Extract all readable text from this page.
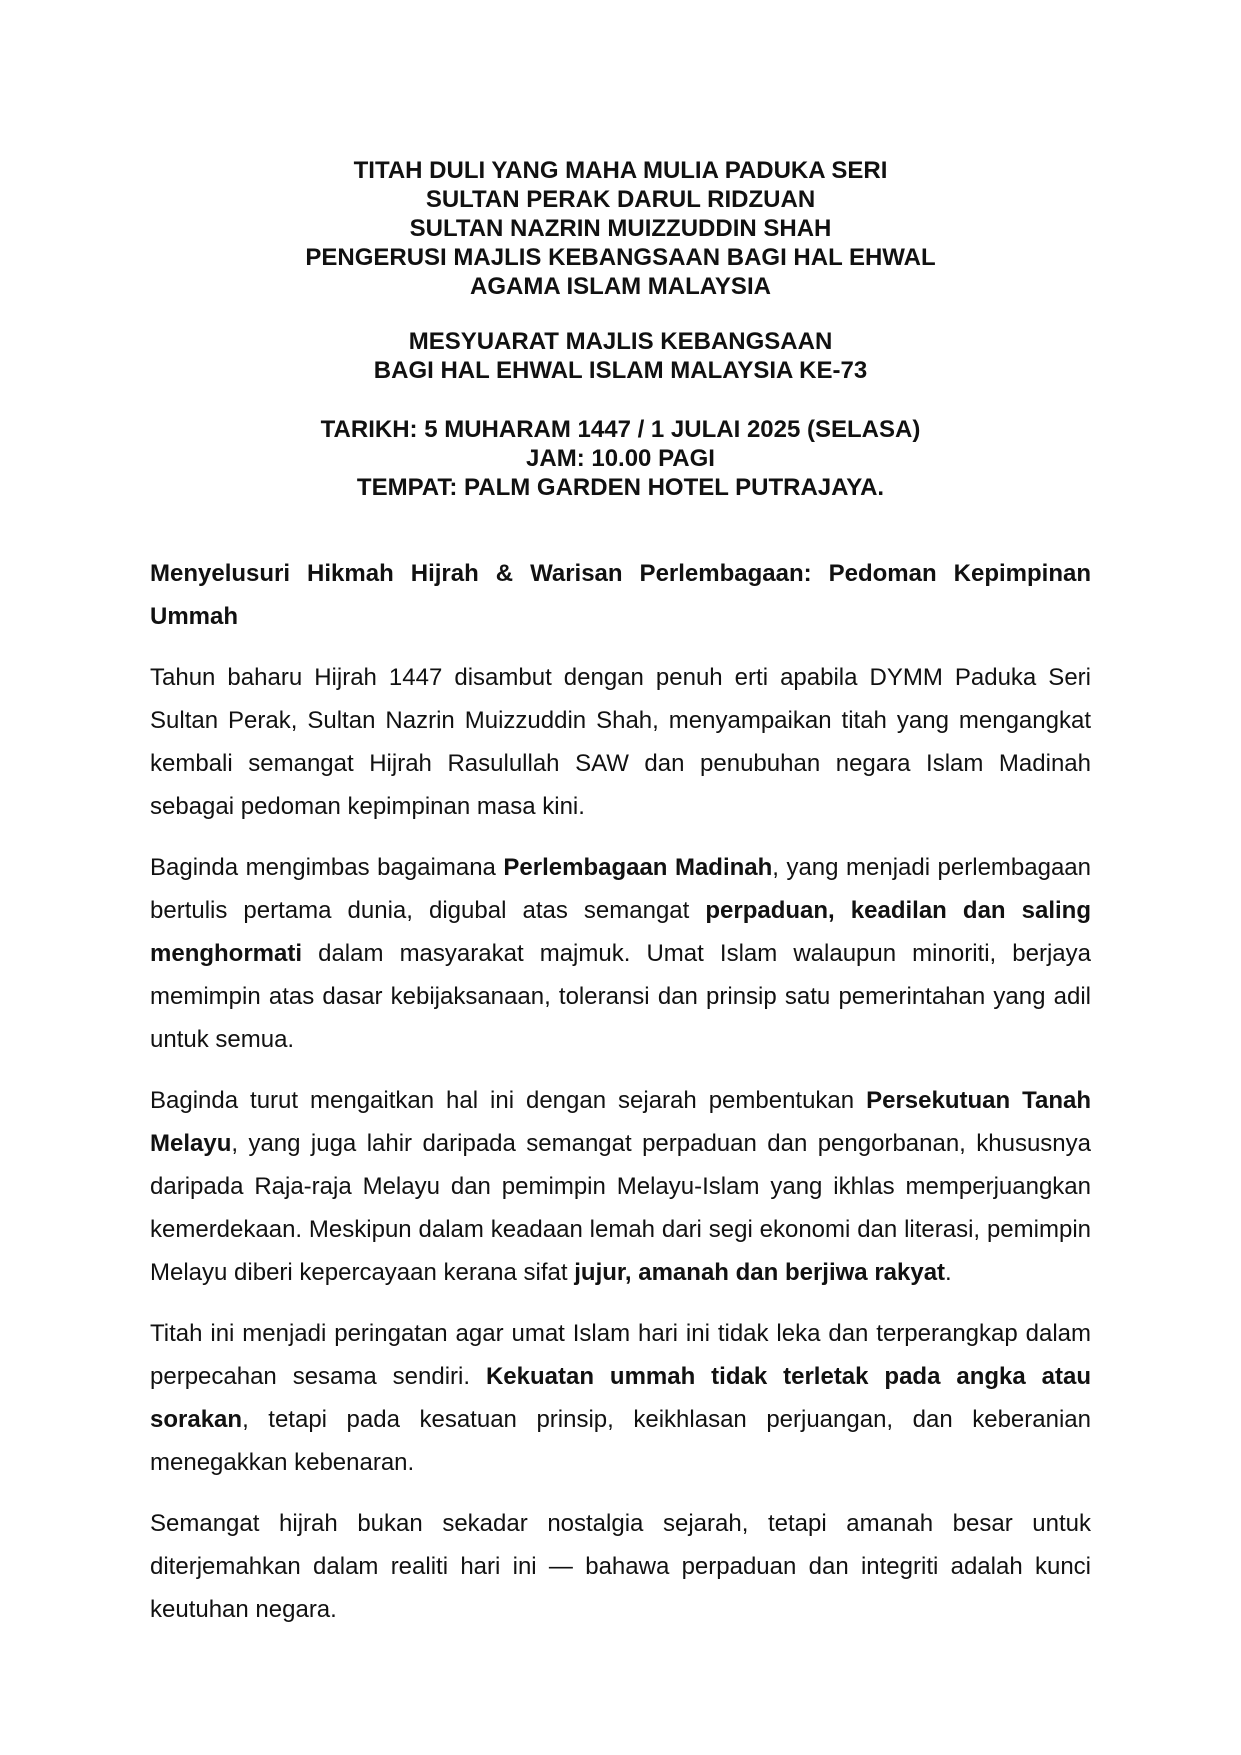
TITAH DULI YANG MAHA MULIA PADUKA SERI
SULTAN PERAK DARUL RIDZUAN
SULTAN NAZRIN MUIZZUDDIN SHAH
PENGERUSI MAJLIS KEBANGSAAN BAGI HAL EHWAL
AGAMA ISLAM MALAYSIA
MESYUARAT MAJLIS KEBANGSAAN
BAGI HAL EHWAL ISLAM MALAYSIA KE-73
TARIKH: 5 MUHARAM 1447 / 1 JULAI 2025 (SELASA)
JAM: 10.00 PAGI
TEMPAT: PALM GARDEN HOTEL PUTRAJAYA.

Menyelusuri Hikmah Hijrah & Warisan Perlembagaan: Pedoman Kepimpinan Ummah

Tahun baharu Hijrah 1447 disambut dengan penuh erti apabila DYMM Paduka Seri Sultan Perak, Sultan Nazrin Muizzuddin Shah, menyampaikan titah yang mengangkat kembali semangat Hijrah Rasulullah SAW dan penubuhan negara Islam Madinah sebagai pedoman kepimpinan masa kini.

Baginda mengimbas bagaimana Perlembagaan Madinah, yang menjadi perlembagaan bertulis pertama dunia, digubal atas semangat perpaduan, keadilan dan saling menghormati dalam masyarakat majmuk. Umat Islam walaupun minoriti, berjaya memimpin atas dasar kebijaksanaan, toleransi dan prinsip satu pemerintahan yang adil untuk semua.

Baginda turut mengaitkan hal ini dengan sejarah pembentukan Persekutuan Tanah Melayu, yang juga lahir daripada semangat perpaduan dan pengorbanan, khususnya daripada Raja-raja Melayu dan pemimpin Melayu-Islam yang ikhlas memperjuangkan kemerdekaan. Meskipun dalam keadaan lemah dari segi ekonomi dan literasi, pemimpin Melayu diberi kepercayaan kerana sifat jujur, amanah dan berjiwa rakyat.

Titah ini menjadi peringatan agar umat Islam hari ini tidak leka dan terperangkap dalam perpecahan sesama sendiri. Kekuatan ummah tidak terletak pada angka atau sorakan, tetapi pada kesatuan prinsip, keikhlasan perjuangan, dan keberanian menegakkan kebenaran.

Semangat hijrah bukan sekadar nostalgia sejarah, tetapi amanah besar untuk diterjemahkan dalam realiti hari ini — bahawa perpaduan dan integriti adalah kunci keutuhan negara.
